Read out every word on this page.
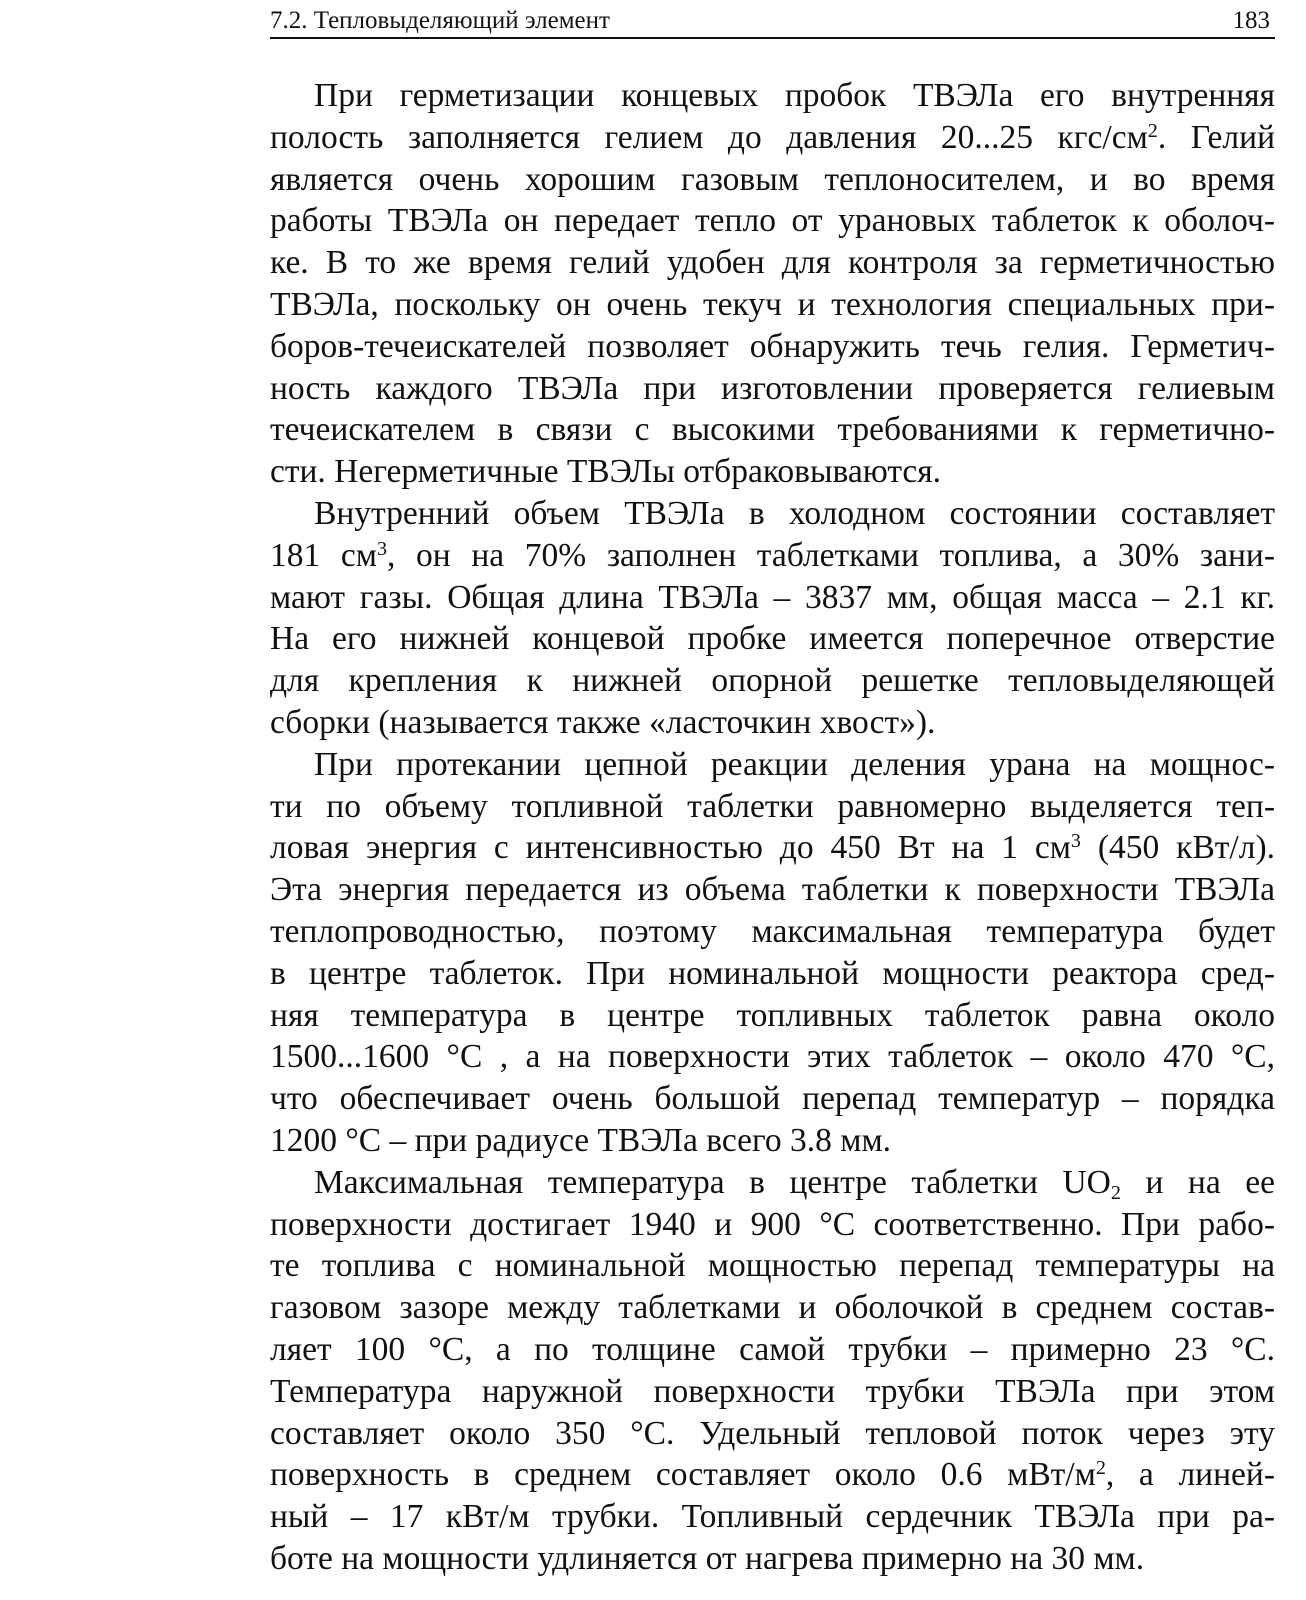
7.2. Тепловыделяющий элемент	183
При герметизации концевых пробок ТВЭЛа его внутренняя
полость заполняется гелием до давления 20...25 кгс/$см^2$. Гелий
является очень хорошим газовым теплоносителем, и во время
работы ТВЭЛа он передает тепло от урановых таблеток к оболоч-
ке. В то же время гелий удобен для контроля за герметичностью
ТВЭЛа, поскольку он очень текуч и технология специальных при-
боров-течеискателей позволяет обнаружить течь гелия. Герметич-
ность каждого ТВЭЛа при изготовлении проверяется гелиевым
течеискателем в связи с высокими требованиями к герметично-
сти. Негерметичные ТВЭЛы отбраковываются.
Внутренний объем ТВЭЛа в холодном состоянии составляет
181 $см^3$, он на 70% заполнен таблетками топлива, а 30% зани-
мают газы. Общая длина ТВЭЛа – 3837 мм, общая масса – 2.1 кг.
На его нижней концевой пробке имеется поперечное отверстие
для крепления к нижней опорной решетке тепловыделяющей
сборки (называется также «ласточкин хвост»).
При протекании цепной реакции деления урана на мощнос-
ти по объему топливной таблетки равномерно выделяется теп-
ловая энергия с интенсивностью до 450 Вт на 1 $см^3$ (450 кВт/л).
Эта энергия передается из объема таблетки к поверхности ТВЭЛа
теплопроводностью, поэтому максимальная температура будет
в центре таблеток. При номинальной мощности реактора сред-
няя температура в центре топливных таблеток равна около
1500...1600 °С , а на поверхности этих таблеток – около 470 °С,
что обеспечивает очень большой перепад температур – порядка
1200 °С – при радиусе ТВЭЛа всего 3.8 мм.
Максимальная температура в центре таблетки $UO_2$ и на ее
поверхности достигает 1940 и 900 °С соответственно. При рабо-
те топлива с номинальной мощностью перепад температуры на
газовом зазоре между таблетками и оболочкой в среднем состав-
ляет 100 °С, а по толщине самой трубки – примерно 23 °С.
Температура наружной поверхности трубки ТВЭЛа при этом
составляет около 350 °С. Удельный тепловой поток через эту
поверхность в среднем составляет около 0.6 мВт/$м^2$, а линей-
ный – 17 кВт/м трубки. Топливный сердечник ТВЭЛа при ра-
боте на мощности удлиняется от нагрева примерно на 30 мм.
